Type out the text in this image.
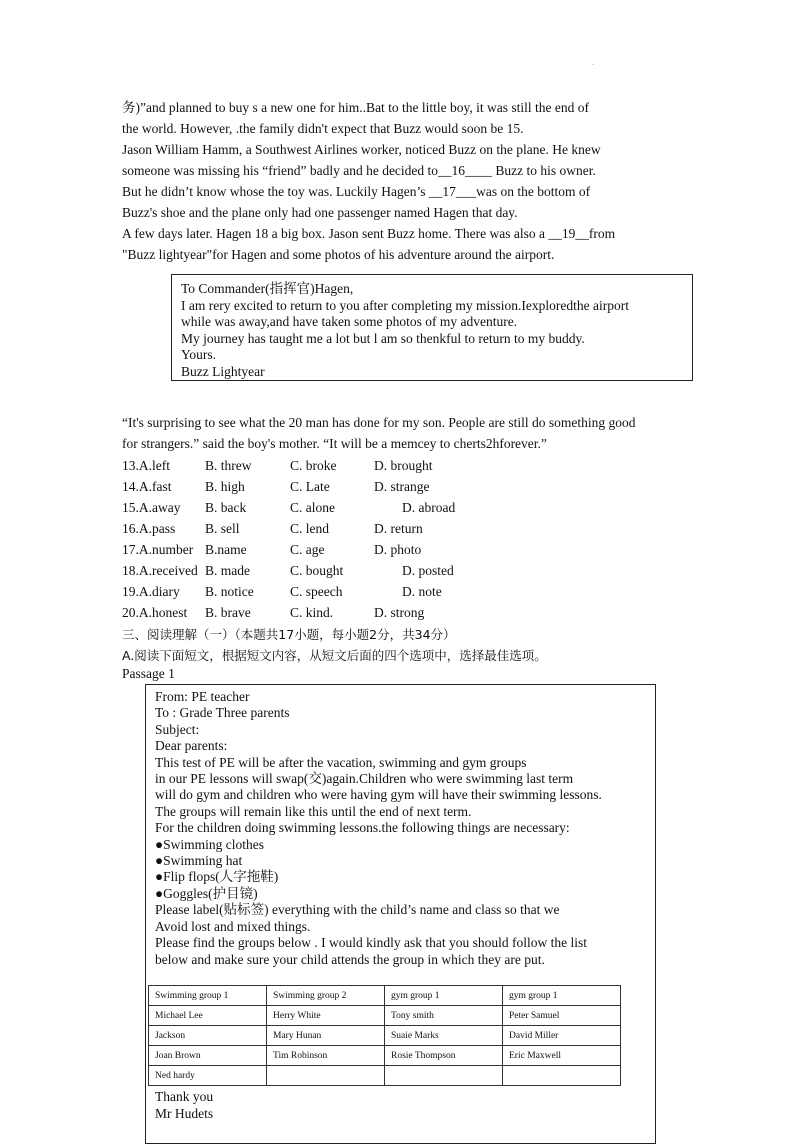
.

务)”and planned to buy s a new one for him..Bat to the little boy, it was still the end of

the world. However, .the family didn't expect that Buzz would soon be 15.

Jason William Hamm, a Southwest Airlines worker, noticed Buzz on the plane. He knew

someone was missing his “friend” badly and he decided to__16____ Buzz to his owner.

But he didn’t know whose the toy was. Luckily Hagen’s __17___was on the bottom of

Buzz's shoe and the plane only had one passenger named Hagen that day.

A few days later. Hagen 18 a big box. Jason sent Buzz home. There was also a __19__from

"Buzz lightyear"for Hagen and some photos of his adventure around the airport.

To Commander(指挥官)Hagen,
I am rery excited to return to you after completing my mission.Iexploredthe airport
while was away,and have taken some photos of my adventure.
My journey has taught me a lot but l am so thenkful to return to my buddy.
Yours.
Buzz Lightyear

“It's surprising to see what the 20 man has done for my son. People are still do something good

for strangers.” said the boy's mother. “It will be a memcey to cherts2hforever.”

13.A.left	B. threw	C. broke	D. brought
14.A.fast B. high	C. Late	D. strange
15.A.away B. back	C. alone	D. abroad
16.A.pass B. sell	C. lend	D. return
17.A.number B.name	C. age	D. photo
18.A.received B. made	C. bought	D. posted
19.A.diary B. notice	C. speech	D. note
20.A.honest B. brave	C. kind.	D. strong
三、阅读理解（一）（本题共17小题，每小题2分，共34分）
A.阅读下面短文，根据短文内容，从短文后面的四个选项中，选择最佳选项。
Passage 1
From: PE teacher
To : Grade Three parents
Subject:
Dear parents:
This test of PE will be after the vacation, swimming and gym groups
in our PE lessons will swap(交)again.Children who were swimming last term
will do gym and children who were having gym will have their swimming lessons.
The groups will remain like this until the end of next term.
For the children doing swimming lessons.the following things are necessary:
●Swimming clothes
●Swimming hat
●Flip flops(人字拖鞋)
●Goggles(护目镜)
Please label(贴标签) everything with the child’s name and class so that we
Avoid lost and mixed things.
Please find the groups below . I would kindly ask that you should follow the list
below and make sure your child attends the group in which they are put.
Swimming group 1	Swimming group 2	gym group 1	gym group 1
Michael Lee	Herry White	Tony smith	Peter Samuel
Jackson	Mary Hunan	Suaie Marks	David Miller
Joan Brown	Tim Robinson	Rosie Thompson	Eric Maxwell
Ned hardy			
Thank you
Mr Hudets
